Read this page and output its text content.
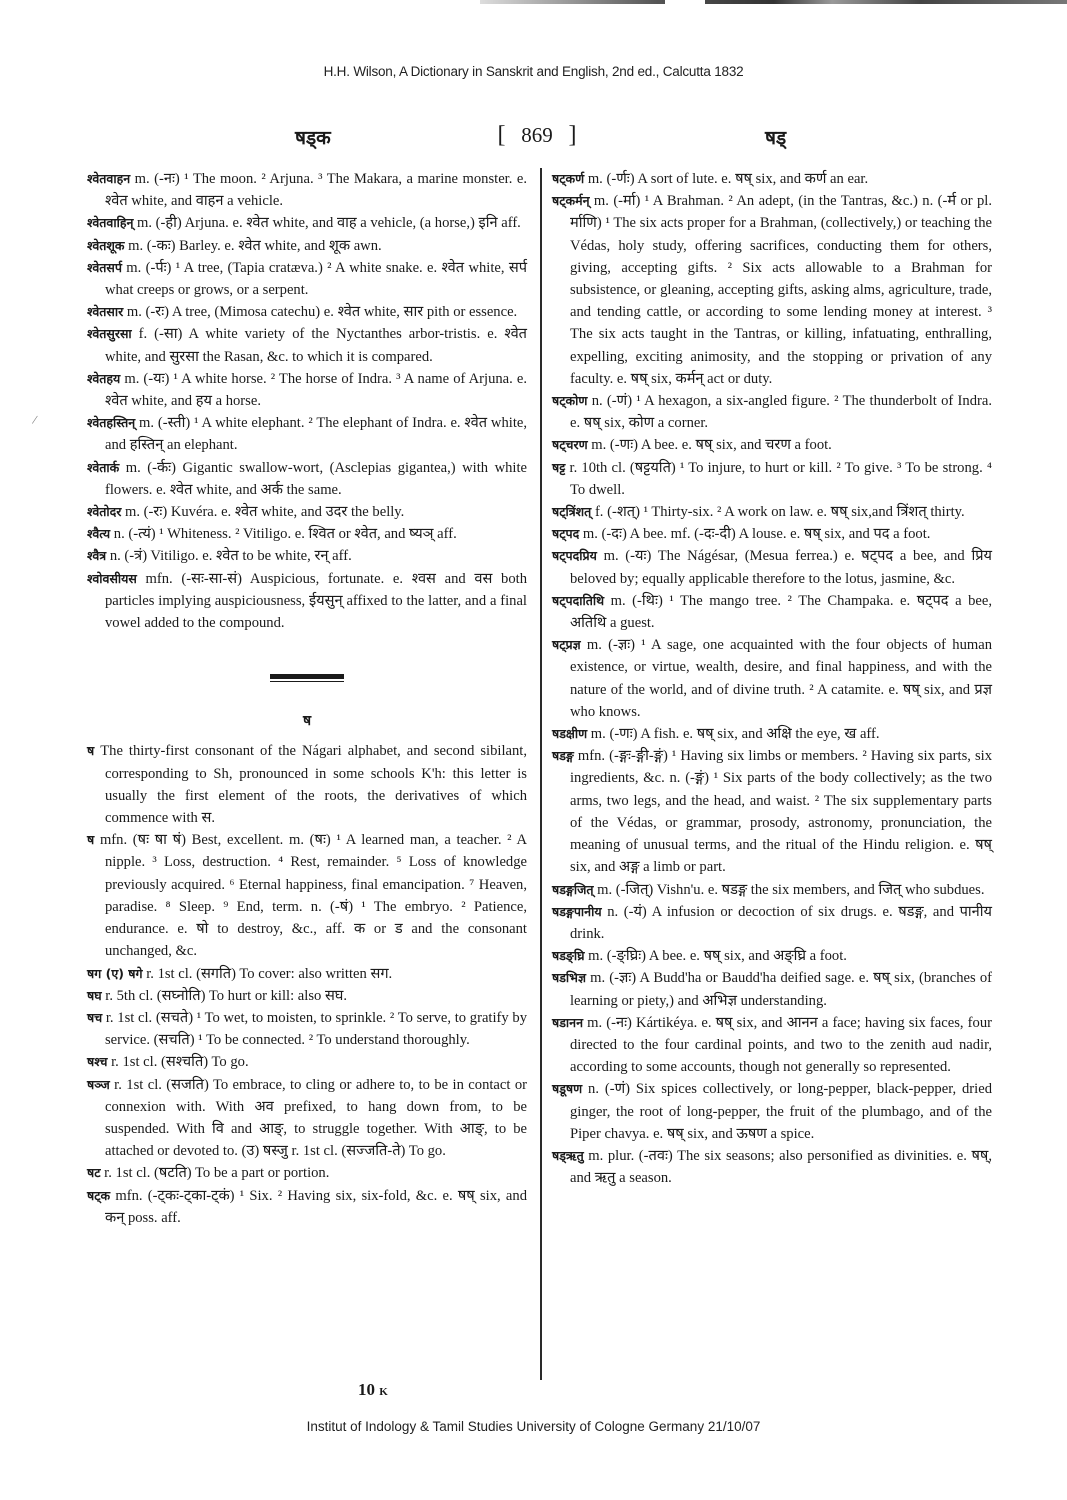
H.H. Wilson, A Dictionary in Sanskrit and English, 2nd ed., Calcutta 1832
षड्क	[ 869 ]	षड्
/

श्वेतवाहन m. (-नः) ¹ The moon. ² Arjuna. ³ The Makara, a marine monster. e. श्वेत white, and वाहन a vehicle.

श्वेतवाहिन् m. (-ही) Arjuna. e. श्वेत white, and वाह a vehicle, (a horse,) इनि aff.

श्वेतशूक m. (-कः) Barley. e. श्वेत white, and शूक awn.

श्वेतसर्प m. (-र्पः) ¹ A tree, (Tapia cratæva.) ² A white snake. e. श्वेत white, सर्प what creeps or grows, or a serpent.

श्वेतसार m. (-रः) A tree, (Mimosa catechu) e. श्वेत white, सार pith or essence.

श्वेतसुरसा f. (-सा) A white variety of the Nyctanthes arbor-tristis. e. श्वेत white, and सुरसा the Rasan, &c. to which it is compared.

श्वेतहय m. (-यः) ¹ A white horse. ² The horse of Indra. ³ A name of Arjuna. e. श्वेत white, and हय a horse.

श्वेतहस्तिन् m. (-स्ती) ¹ A white elephant. ² The elephant of Indra. e. श्वेत white, and हस्तिन् an elephant.

श्वेतार्क m. (-र्कः) Gigantic swallow-wort, (Asclepias gigantea,) with white flowers. e. श्वेत white, and अर्क the same.

श्वेतोदर m. (-रः) Kuvéra. e. श्वेत white, and उदर the belly.

श्वैत्य n. (-त्यं) ¹ Whiteness. ² Vitiligo. e. श्वित or श्वेत, and ष्यञ् aff.

श्वैत्र n. (-त्रं) Vitiligo. e. श्वेत to be white, रन् aff.

श्वोवसीयस mfn. (-सः-सा-सं) Auspicious, fortunate. e. श्वस and वस both particles implying auspiciousness, ईयसुन् affixed to the latter, and a final vowel added to the compound.

ष

ष The thirty-first consonant of the Nágari alphabet, and second sibilant, corresponding to Sh, pronounced in some schools K'h: this letter is usually the first element of the roots, the derivatives of which commence with स.

ष mfn. (षः षा षं) Best, excellent. m. (षः) ¹ A learned man, a teacher. ² A nipple. ³ Loss, destruction. ⁴ Rest, remainder. ⁵ Loss of knowledge previously acquired. ⁶ Eternal happiness, final emancipation. ⁷ Heaven, paradise. ⁸ Sleep. ⁹ End, term. n. (-षं) ¹ The embryo. ² Patience, endurance. e. षो to destroy, &c., aff. क or ड and the consonant unchanged, &c.

षग (ए) षगे r. 1st cl. (सगति) To cover: also written सग.

षघ r. 5th cl. (सघ्नोति) To hurt or kill: also सघ.

षच r. 1st cl. (सचते) ¹ To wet, to moisten, to sprinkle. ² To serve, to gratify by service. (सचति) ¹ To be connected. ² To understand thoroughly.

षश्च r. 1st cl. (सश्चति) To go.

षञ्ज r. 1st cl. (सजति) To embrace, to cling or adhere to, to be in contact or connexion with. With अव prefixed, to hang down from, to be suspended. With वि and आङ्, to struggle together. With आङ्, to be attached or devoted to. (उ) षस्जु r. 1st cl. (सज्जति-ते) To go.

षट r. 1st cl. (षटति) To be a part or portion.

षट्क mfn. (-ट्कः-ट्का-ट्कं) ¹ Six. ² Having six, six-fold, &c. e. षष् six, and कन् poss. aff.

षट्कर्ण m. (-र्णः) A sort of lute. e. षष् six, and कर्ण an ear.

षट्कर्मन् m. (-र्मा) ¹ A Brahman. ² An adept, (in the Tantras, &c.) n. (-र्म or pl. र्माणि) ¹ The six acts proper for a Brahman, (collectively,) or teaching the Védas, holy study, offering sacrifices, conducting them for others, giving, accepting gifts. ² Six acts allowable to a Brahman for subsistence, or gleaning, accepting gifts, asking alms, agriculture, trade, and tending cattle, or according to some lending money at interest. ³ The six acts taught in the Tantras, or killing, infatuating, enthralling, expelling, exciting animosity, and the stopping or privation of any faculty. e. षष् six, कर्मन् act or duty.

षट्कोण n. (-णं) ¹ A hexagon, a six-angled figure. ² The thunderbolt of Indra. e. षष् six, कोण a corner.

षट्चरण m. (-णः) A bee. e. षष् six, and चरण a foot.

षट्ट r. 10th cl. (षट्टयति) ¹ To injure, to hurt or kill. ² To give. ³ To be strong. ⁴ To dwell.

षट्त्रिंशत् f. (-शत्) ¹ Thirty-six. ² A work on law. e. षष् six,and त्रिंशत् thirty.

षट्पद m. (-दः) A bee. mf. (-दः-दी) A louse. e. षष् six, and पद a foot.

षट्पदप्रिय m. (-यः) The Nágésar, (Mesua ferrea.) e. षट्पद a bee, and प्रिय beloved by; equally applicable therefore to the lotus, jasmine, &c.

षट्पदातिथि m. (-थिः) ¹ The mango tree. ² The Champaka. e. षट्पद a bee, अतिथि a guest.

षट्प्रज्ञ m. (-ज्ञः) ¹ A sage, one acquainted with the four objects of human existence, or virtue, wealth, desire, and final happiness, and with the nature of the world, and of divine truth. ² A catamite. e. षष् six, and प्रज्ञ who knows.

षडक्षीण m. (-णः) A fish. e. षष् six, and अक्षि the eye, ख aff.

षडङ्ग mfn. (-ङ्गः-ङ्गी-ङ्गं) ¹ Having six limbs or members. ² Having six parts, six ingredients, &c. n. (-ङ्गं) ¹ Six parts of the body collectively; as the two arms, two legs, and the head, and waist. ² The six supplementary parts of the Védas, or grammar, prosody, astronomy, pronunciation, the meaning of unusual terms, and the ritual of the Hindu religion. e. षष् six, and अङ्ग a limb or part.

षडङ्गजित् m. (-जित्) Vishn'u. e. षडङ्ग the six members, and जित् who subdues.

षडङ्गपानीय n. (-यं) A infusion or decoction of six drugs. e. षडङ्ग, and पानीय drink.

षडङ्घ्रि m. (-ङ्घ्रिः) A bee. e. षष् six, and अङ्घ्रि a foot.

षडभिज्ञ m. (-ज्ञः) A Budd'ha or Baudd'ha deified sage. e. षष् six, (branches of learning or piety,) and अभिज्ञ understanding.

षडानन m. (-नः) Kártikéya. e. षष् six, and आनन a face; having six faces, four directed to the four cardinal points, and two to the zenith aud nadir, according to some accounts, though not generally so represented.

षडूषण n. (-णं) Six spices collectively, or long-pepper, black-pepper, dried ginger, the root of long-pepper, the fruit of the plumbago, and of the Piper chavya. e. षष् six, and ऊषण a spice.

षड्ऋतु m. plur. (-तवः) The six seasons; also personified as divinities. e. षष्, and ऋतु a season.

10 K
Institut of Indology & Tamil Studies University of Cologne Germany 21/10/07
